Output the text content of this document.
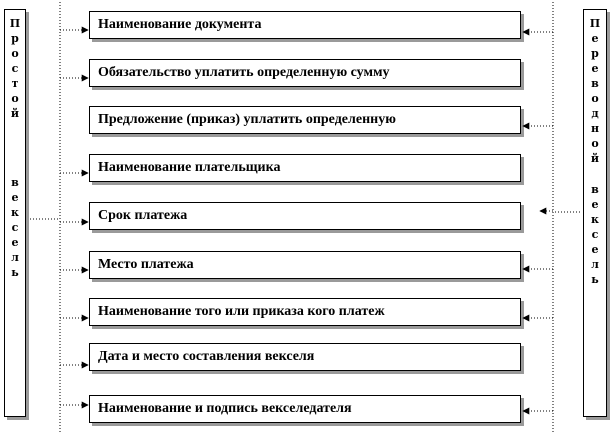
П
р
о
с
т
о
й
в
е
к
с
е
л
ь
П
е
р
е
в
о
д
н
о
й
в
е
к
с
е
л
ь
Наименование документа
Обязательство уплатить определенную сумму
Предложение (приказ) уплатить определенную
Наименование плательщика
Срок платежа
Место платежа
Наименование того или приказа кого платеж
Дата и место составления векселя
Наименование и подпись векселедателя
